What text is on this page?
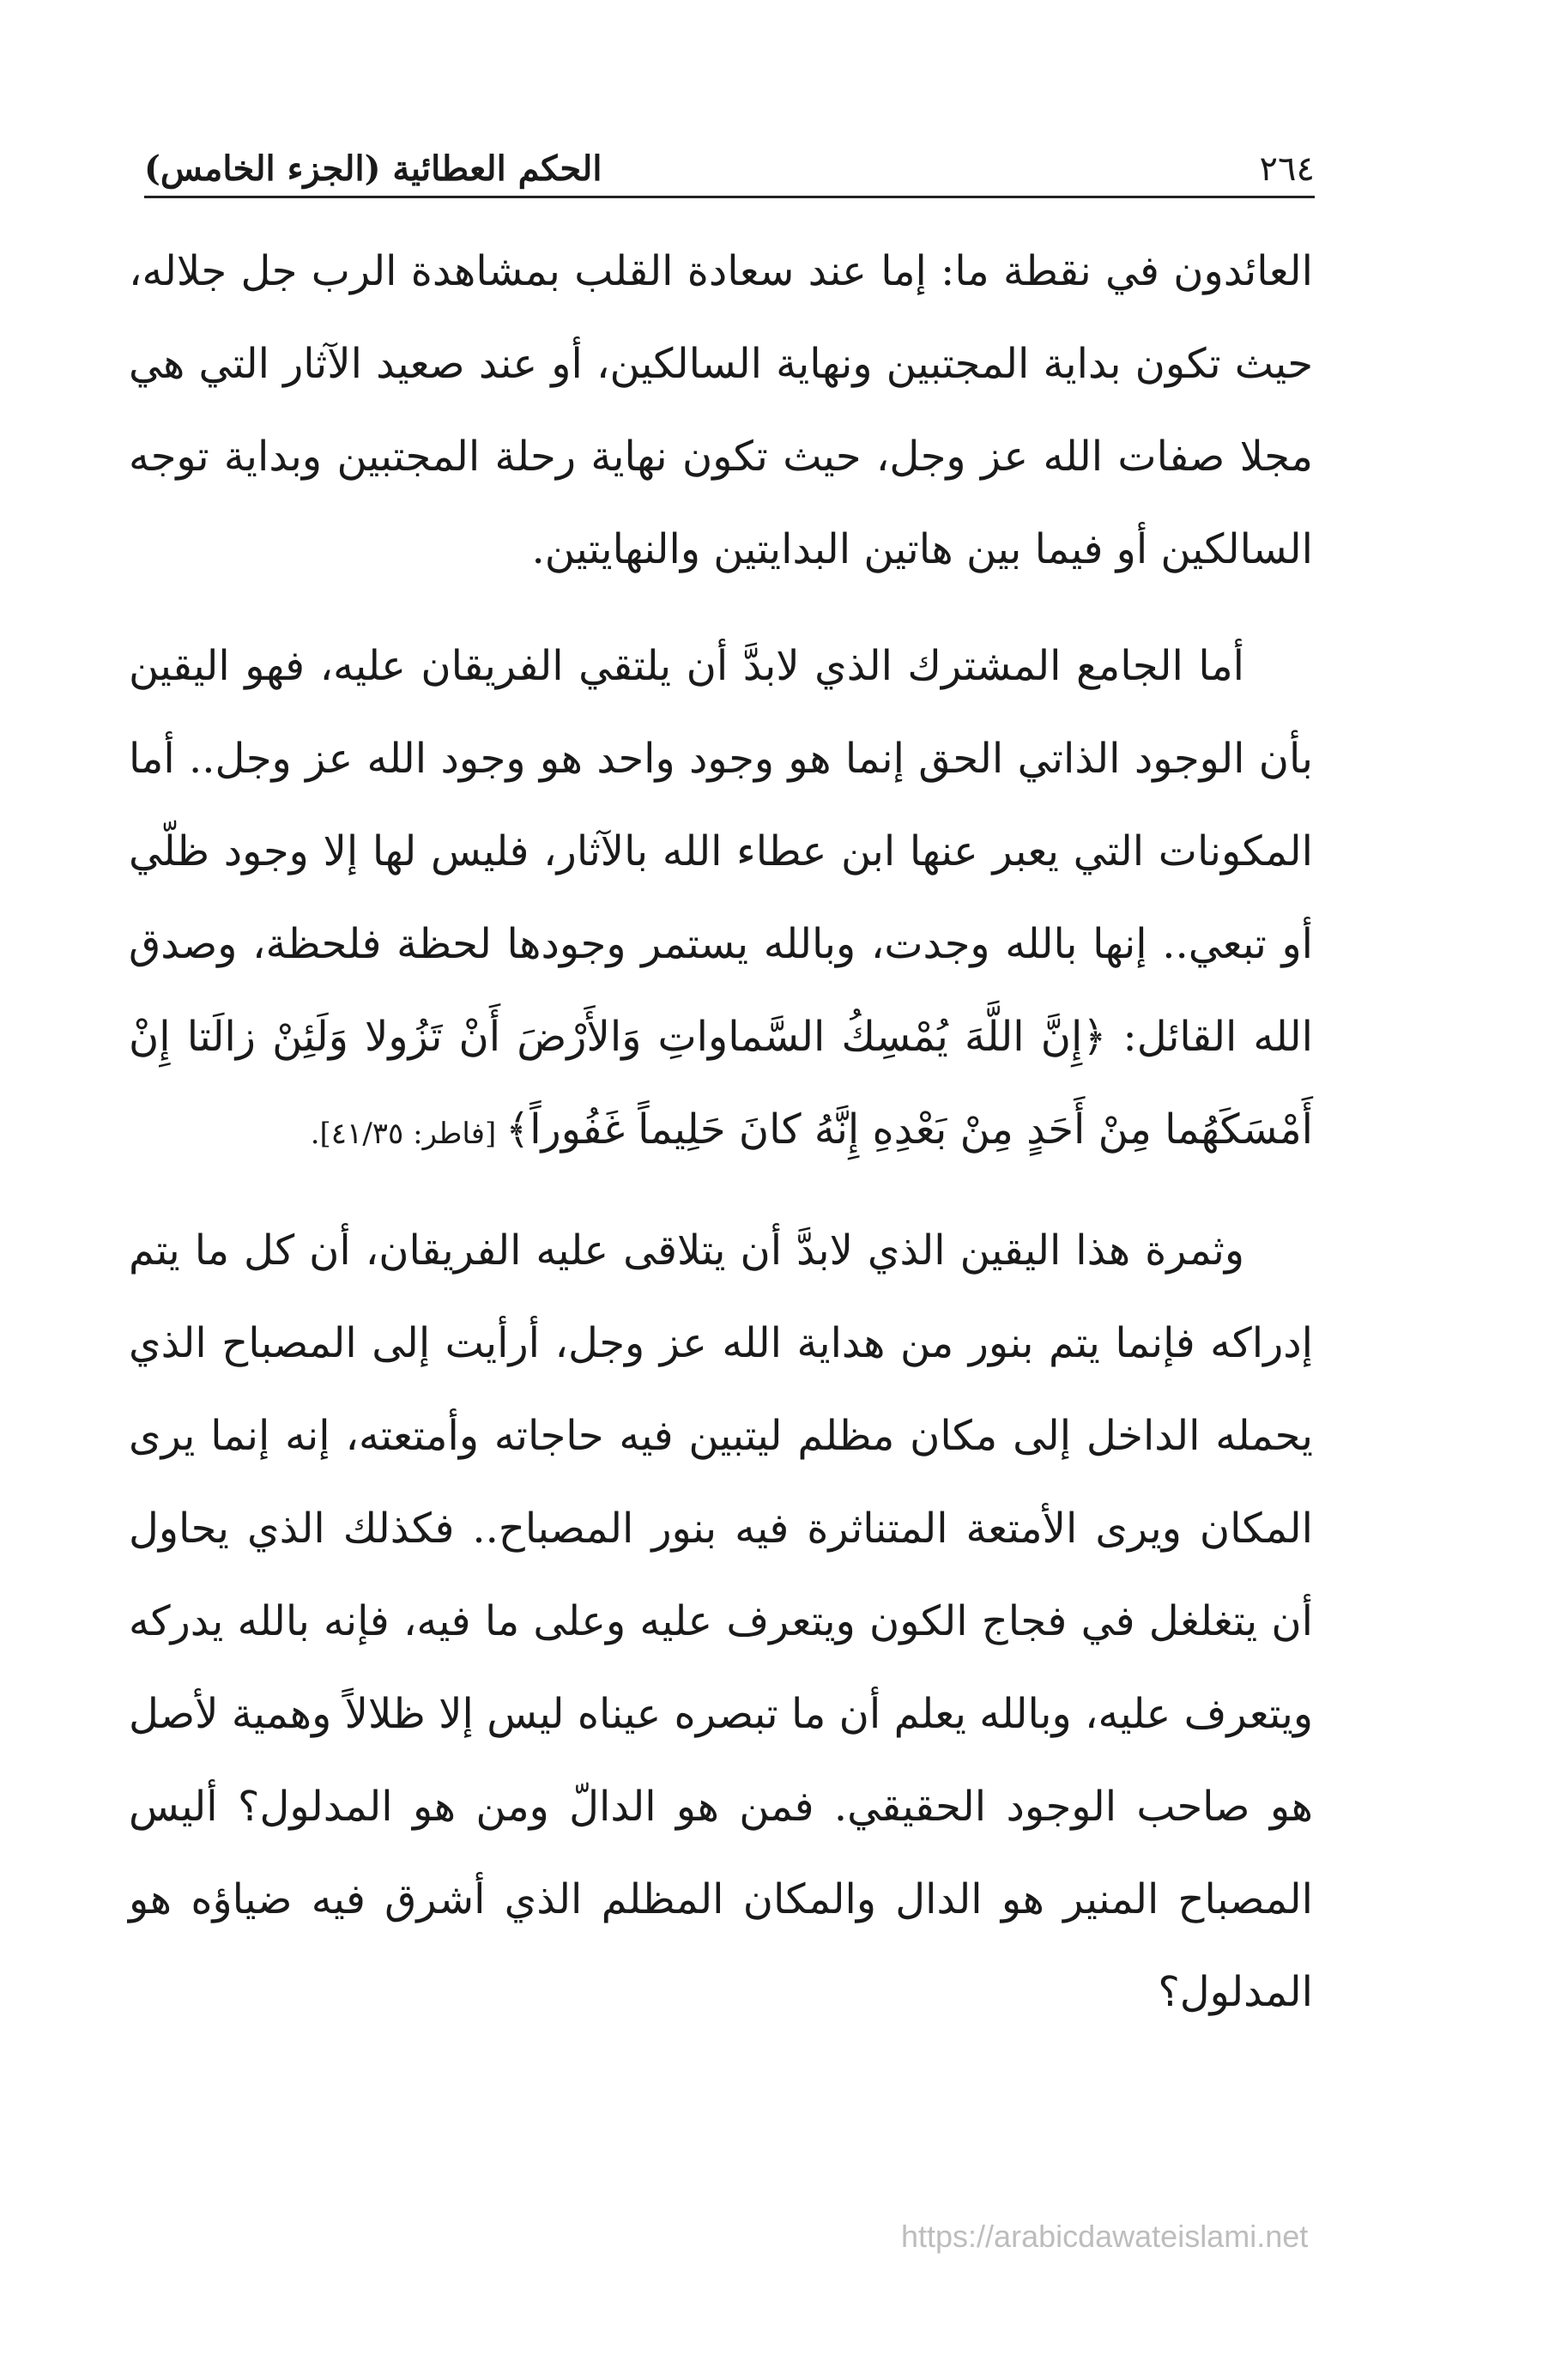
٢٦٤
الحكم العطائية (الجزء الخامس)

العائدون في نقطة ما: إما عند سعادة القلب بمشاهدة الرب جل جلاله، حيث تكون بداية المجتبين ونهاية السالكين، أو عند صعيد الآثار التي هي مجلا صفات الله عز وجل، حيث تكون نهاية رحلة المجتبين وبداية توجه السالكين أو فيما بين هاتين البدايتين والنهايتين.

أما الجامع المشترك الذي لابدَّ أن يلتقي الفريقان عليه، فهو اليقين بأن الوجود الذاتي الحق إنما هو وجود واحد هو وجود الله عز وجل.. أما المكونات التي يعبر عنها ابن عطاء الله بالآثار، فليس لها إلا وجود ظلّي أو تبعي.. إنها بالله وجدت، وبالله يستمر وجودها لحظة فلحظة، وصدق الله القائل: ﴿إِنَّ اللَّهَ يُمْسِكُ السَّماواتِ وَالأَرْضَ أَنْ تَزُولا وَلَئِنْ زالَتا إِنْ أَمْسَكَهُما مِنْ أَحَدٍ مِنْ بَعْدِهِ إِنَّهُ كانَ حَلِيماً غَفُوراً﴾ [فاطر: ٤١/٣٥].

وثمرة هذا اليقين الذي لابدَّ أن يتلاقى عليه الفريقان، أن كل ما يتم إدراكه فإنما يتم بنور من هداية الله عز وجل، أرأيت إلى المصباح الذي يحمله الداخل إلى مكان مظلم ليتبين فيه حاجاته وأمتعته، إنه إنما يرى المكان ويرى الأمتعة المتناثرة فيه بنور المصباح.. فكذلك الذي يحاول أن يتغلغل في فجاج الكون ويتعرف عليه وعلى ما فيه، فإنه بالله يدركه ويتعرف عليه، وبالله يعلم أن ما تبصره عيناه ليس إلا ظلالاً وهمية لأصل هو صاحب الوجود الحقيقي. فمن هو الدالّ ومن هو المدلول؟ أليس المصباح المنير هو الدال والمكان المظلم الذي أشرق فيه ضياؤه هو المدلول؟

https://arabicdawateislami.net
